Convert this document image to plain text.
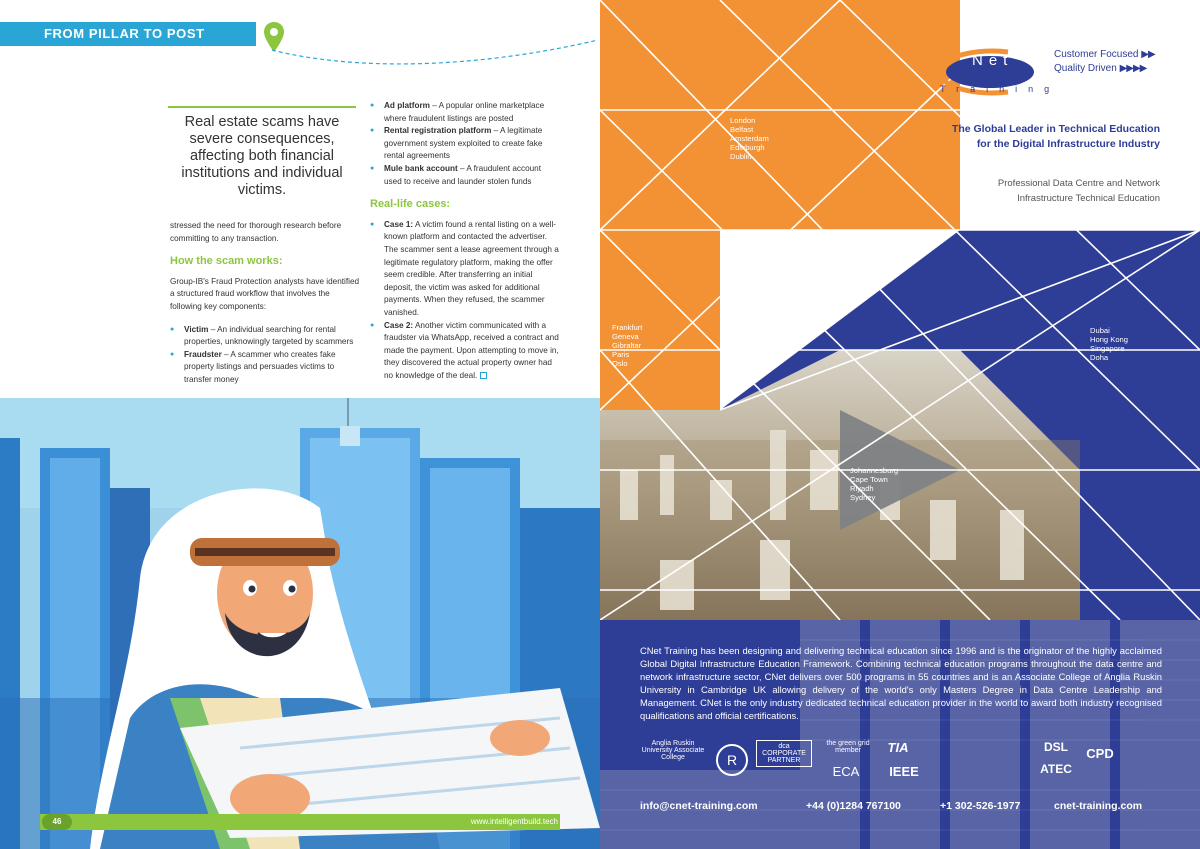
FROM PILLAR TO POST
Real estate scams have severe consequences, affecting both financial institutions and individual victims.

stressed the need for thorough research before committing to any transaction.

How the scam works:

Group-IB's Fraud Protection analysts have identified a structured fraud workflow that involves the following key components:

● Victim – An individual searching for rental properties, unknowingly targeted by scammers
● Fraudster – A scammer who creates fake property listings and persuades victims to transfer money
● Ad platform – A popular online marketplace where fraudulent listings are posted
● Rental registration platform – A legitimate government system exploited to create fake rental agreements
● Mule bank account – A fraudulent account used to receive and launder stolen funds
Real-life cases:
● Case 1: A victim found a rental listing on a well-known platform and contacted the advertiser. The scammer sent a lease agreement through a legitimate regulatory platform, making the offer seem credible. After transferring an initial deposit, the victim was asked for additional payments. When they refused, the scammer vanished.
● Case 2: Another victim communicated with a fraudster via WhatsApp, received a contract and made the payment. Upon attempting to move in, they discovered the actual property owner had no knowledge of the deal.
46	www.intelligentbuild.tech
Net
Training
Customer Focused ▶▶
Quality Driven ▶▶▶▶
The Global Leader in Technical Education
for the Digital Infrastructure Industry
Professional Data Centre and Network
Infrastructure Technical Education
London
Belfast
Amsterdam
Edinburgh
Dublin
Frankfurt
Geneva
Gibraltar
Paris
Oslo
Dubai
Hong Kong
Singapore
Doha
Johannesburg
Cape Town
Riyadh
Sydney

CNet Training has been designing and delivering technical education since 1996 and is the originator of the highly acclaimed Global Digital Infrastructure Education Framework. Combining technical education programs throughout the data centre and network infrastructure sector, CNet delivers over 500 programs in 55 countries and is an Associate College of Anglia Ruskin University in Cambridge UK allowing delivery of the world's only Masters Degree in Data Centre Leadership and Management. CNet is the only industry dedicated technical education provider in the world to award both industry recognised qualifications and official certifications.

Anglia Ruskin University Associate College	R
dca CORPORATE PARTNER
the green grid member
ECA
TIA
IEEE
DSL
ATEC
CPD
info@cnet-training.com	+44 (0)1284 767100	+1 302-526-1977	cnet-training.com
